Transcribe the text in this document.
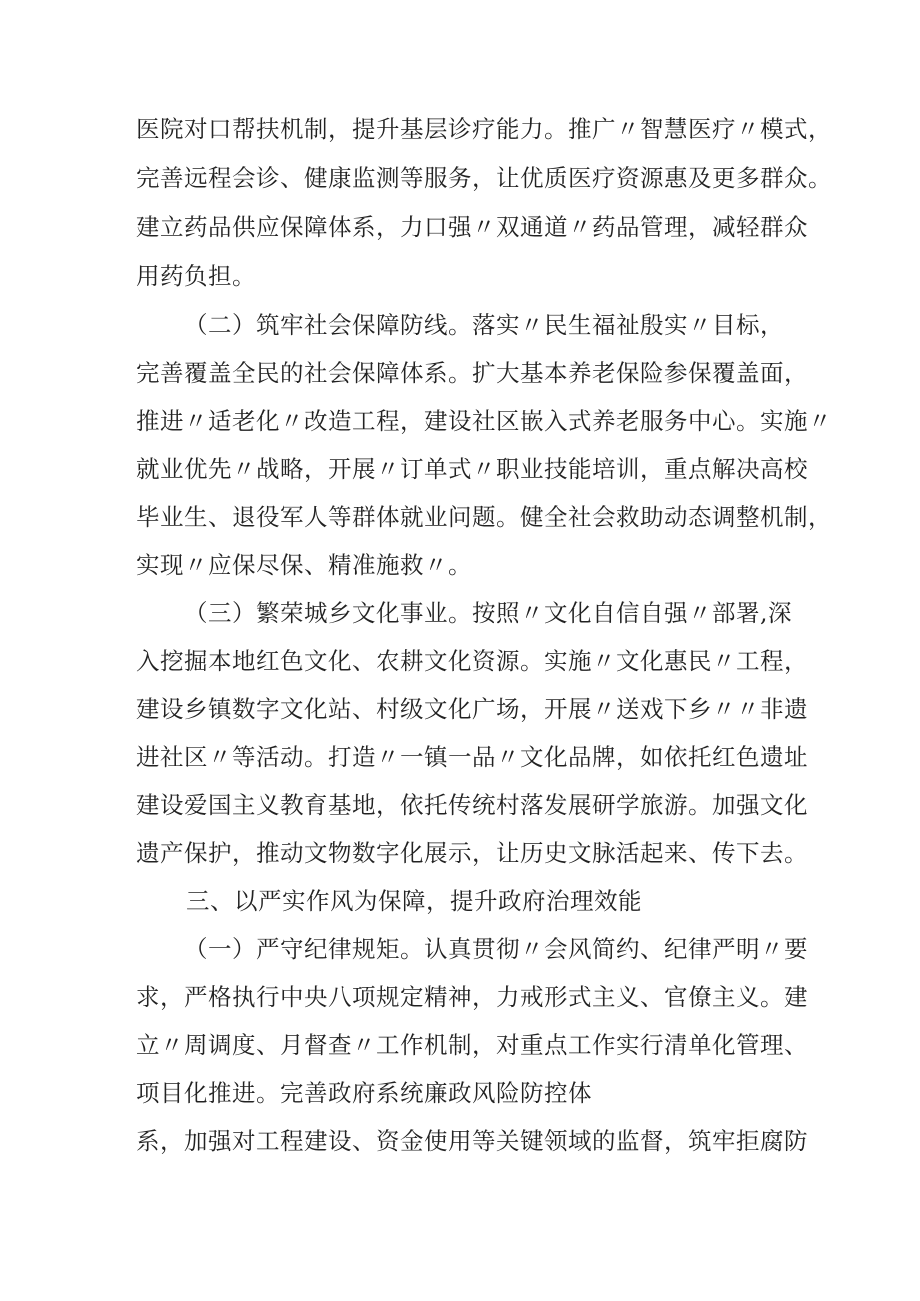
医院对口帮扶机制，提升基层诊疗能力。推广〃智慧医疗〃模式，

完善远程会诊、健康监测等服务，让优质医疗资源惠及更多群众。

建立药品供应保障体系，力口强〃双通道〃药品管理，减轻群众

用药负担。

（二）筑牢社会保障防线。落实〃民生福祉殷实〃目标，

完善覆盖全民的社会保障体系。扩大基本养老保险参保覆盖面，

推进〃适老化〃改造工程，建设社区嵌入式养老服务中心。实施〃

就业优先〃战略，开展〃订单式〃职业技能培训，重点解决高校

毕业生、退役军人等群体就业问题。健全社会救助动态调整机制，

实现〃应保尽保、精准施救〃。

（三）繁荣城乡文化事业。按照〃文化自信自强〃部署,深

入挖掘本地红色文化、农耕文化资源。实施〃文化惠民〃工程，

建设乡镇数字文化站、村级文化广场，开展〃送戏下乡〃〃非遗

进社区〃等活动。打造〃一镇一品〃文化品牌，如依托红色遗址

建设爱国主义教育基地，依托传统村落发展研学旅游。加强文化

遗产保护，推动文物数字化展示，让历史文脉活起来、传下去。

三、以严实作风为保障，提升政府治理效能

（一）严守纪律规矩。认真贯彻〃会风简约、纪律严明〃要

求，严格执行中央八项规定精神，力戒形式主义、官僚主义。建

立〃周调度、月督查〃工作机制，对重点工作实行清单化管理、

项目化推进。完善政府系统廉政风险防控体

系，加强对工程建设、资金使用等关键领域的监督，筑牢拒腐防
